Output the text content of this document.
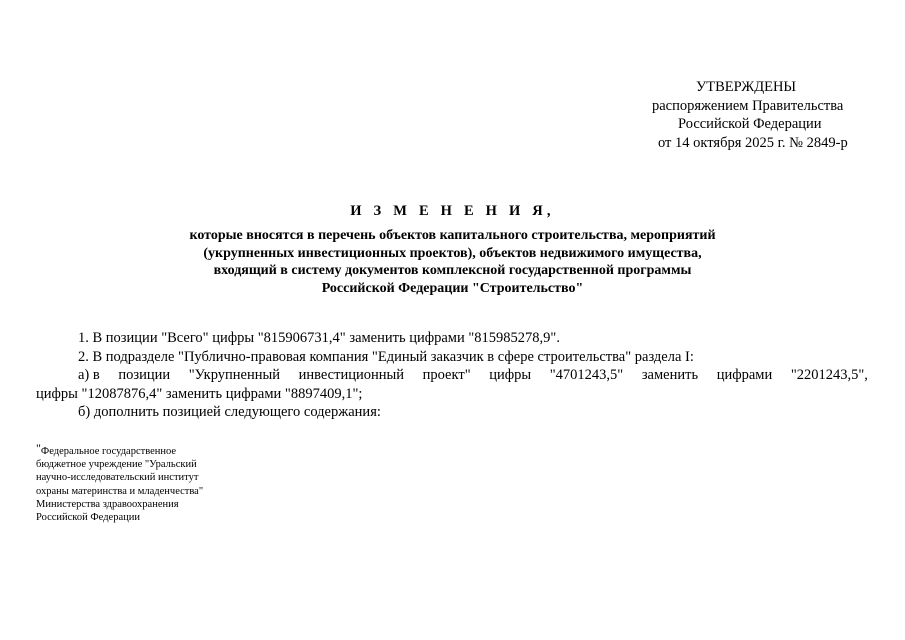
УТВЕРЖДЕНЫ
распоряжением Правительства
Российской Федерации
от 14 октября 2025 г. № 2849-р
И З М Е Н Е Н И Я,
которые вносятся в перечень объектов капитального строительства, мероприятий
(укрупненных инвестиционных проектов), объектов недвижимого имущества,
входящий в систему документов комплексной государственной программы
Российской Федерации "Строительство"
1. В позиции "Всего" цифры "815906731,4" заменить цифрами "815985278,9".
2. В подразделе "Публично-правовая компания "Единый заказчик в сфере строительства" раздела I:
а) в позиции "Укрупненный инвестиционный проект" цифры "4701243,5" заменить цифрами "2201243,5",
цифры "12087876,4" заменить цифрами "8897409,1";
б) дополнить позицией следующего содержания:
"Федеральное государственное
бюджетное учреждение "Уральский
научно-исследовательский институт
охраны материнства и младенчества"
Министерства здравоохранения
Российской Федерации
